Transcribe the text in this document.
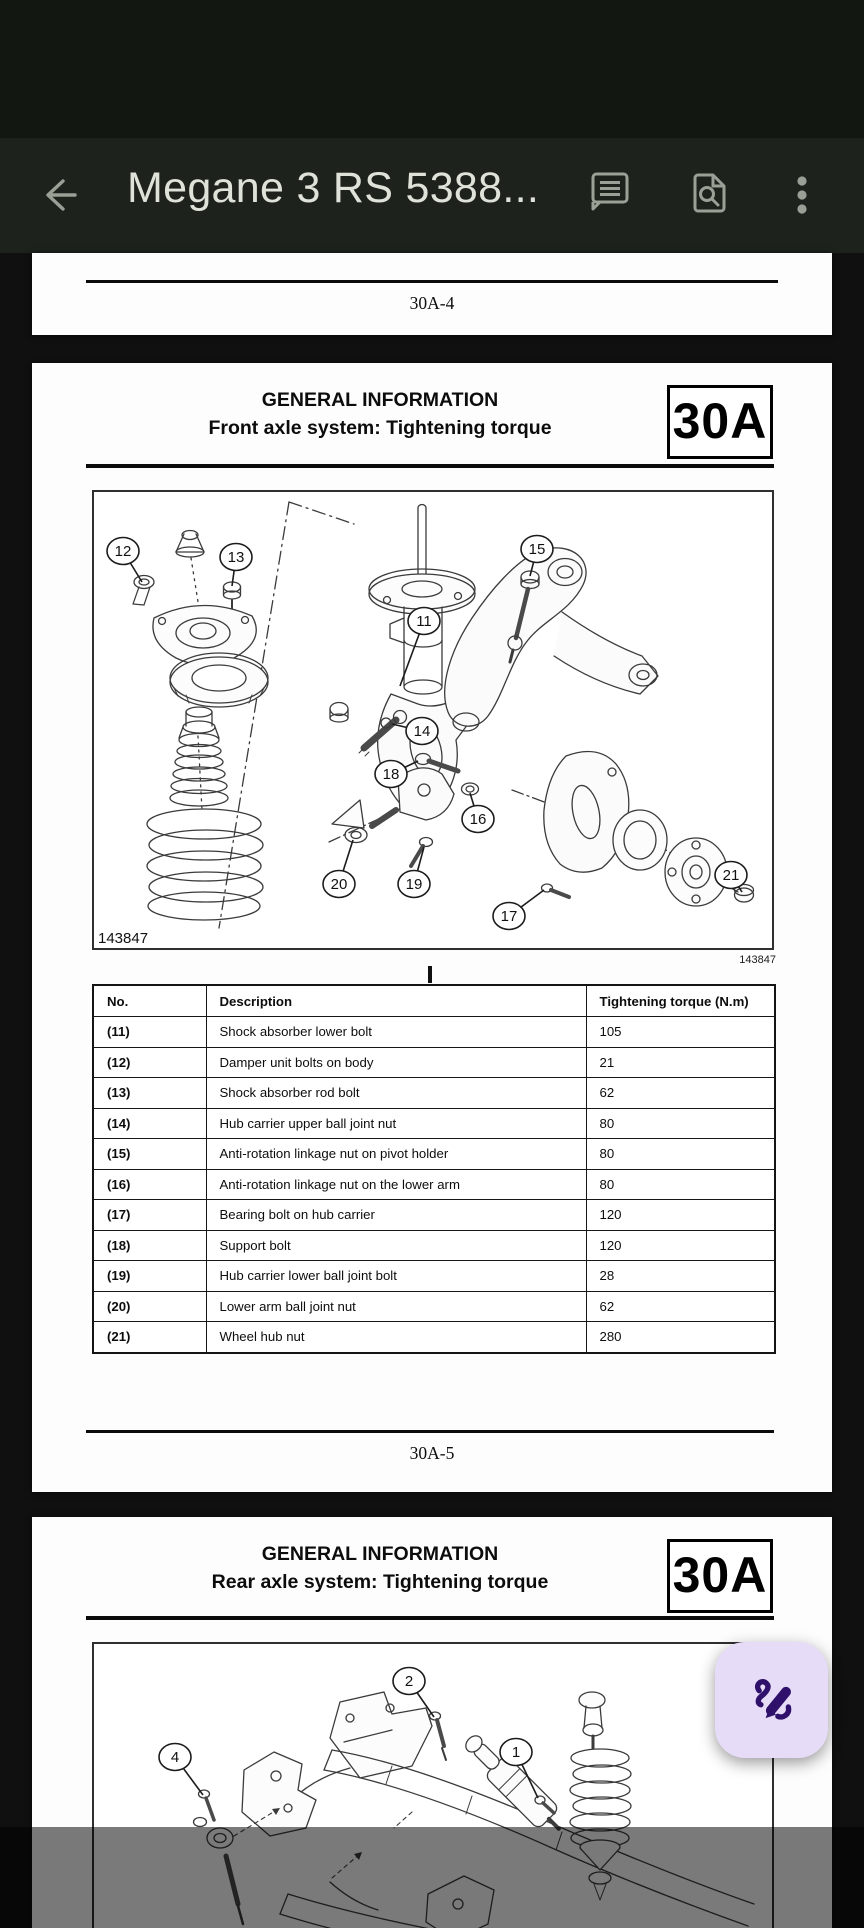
Megane 3 RS 5388...
30A-4
GENERAL INFORMATION
Front axle system: Tightening torque	30A
11
12	13
14
15
16
17
18
19
20
21
143847
143847
No.	Description	Tightening torque (N.m)
(11)	Shock absorber lower bolt	105
(12)	Damper unit bolts on body	21
(13)	Shock absorber rod bolt	62
(14)	Hub carrier upper ball joint nut	80
(15)	Anti-rotation linkage nut on pivot holder	80
(16)	Anti-rotation linkage nut on the lower arm	80
(17)	Bearing bolt on hub carrier	120
(18)	Support bolt	120
(19)	Hub carrier lower ball joint bolt	28
(20)	Lower arm ball joint nut	62
(21)	Wheel hub nut	280
30A-5
GENERAL INFORMATION
Rear axle system: Tightening torque	30A
2
1
4
